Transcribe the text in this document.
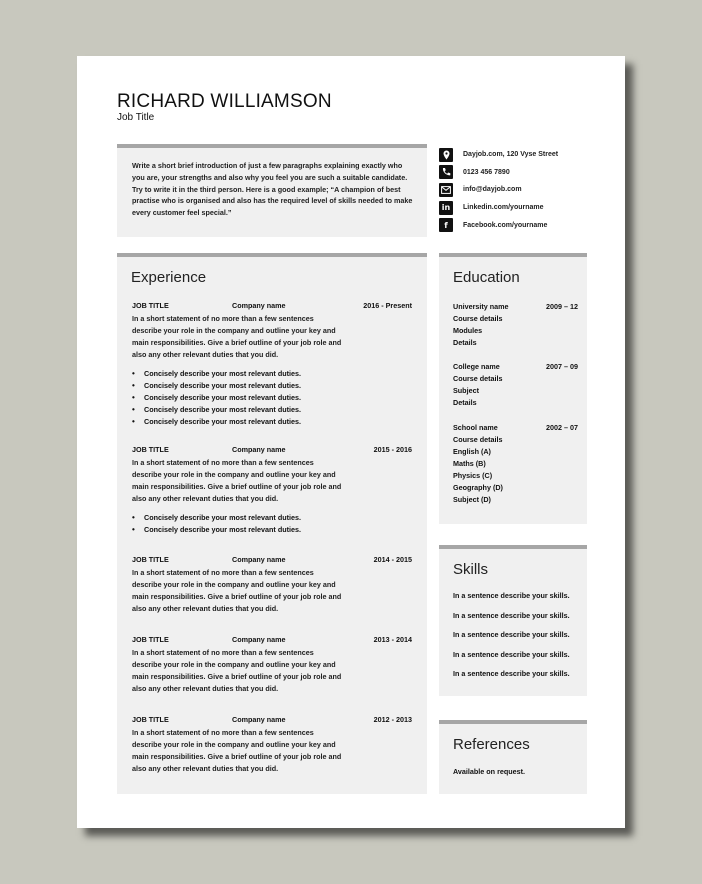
RICHARD WILLIAMSON
Job Title
Write a short brief introduction of just a few paragraphs explaining exactly who you are, your strengths and also why you feel you are such a suitable candidate. Try to write it in the third person. Here is a good example; “A champion of best practise who is organised and also has the required level of skills needed to make every customer feel special.”
Dayjob.com, 120 Vyse Street
0123 456 7890
info@dayjob.com
in	Linkedin.com/yourname
f	Facebook.com/yourname
Experience
JOB TITLE	Company name	2016 - Present
In a short statement of no more than a few sentences describe your role in the company and outline your key and main responsibilities. Give a brief outline of your job role and also any other relevant duties that you did.
• Concisely describe your most relevant duties.
• Concisely describe your most relevant duties.
• Concisely describe your most relevant duties.
• Concisely describe your most relevant duties.
• Concisely describe your most relevant duties.
JOB TITLE	Company name	2015 - 2016
In a short statement of no more than a few sentences describe your role in the company and outline your key and main responsibilities. Give a brief outline of your job role and also any other relevant duties that you did.
• Concisely describe your most relevant duties.
• Concisely describe your most relevant duties.
JOB TITLE	Company name	2014 - 2015
In a short statement of no more than a few sentences describe your role in the company and outline your key and main responsibilities. Give a brief outline of your job role and also any other relevant duties that you did.
JOB TITLE	Company name	2013 - 2014
In a short statement of no more than a few sentences describe your role in the company and outline your key and main responsibilities. Give a brief outline of your job role and also any other relevant duties that you did.
JOB TITLE	Company name	2012 - 2013
In a short statement of no more than a few sentences describe your role in the company and outline your key and main responsibilities. Give a brief outline of your job role and also any other relevant duties that you did.
Education
University name	2009 – 12
Course details
Modules
Details
College name	2007 – 09
Course details
Subject
Details
School name	2002 – 07
Course details
English (A)
Maths (B)
Physics (C)
Geography (D)
Subject (D)
Skills
In a sentence describe your skills.
In a sentence describe your skills.
In a sentence describe your skills.
In a sentence describe your skills.
In a sentence describe your skills.
References
Available on request.
